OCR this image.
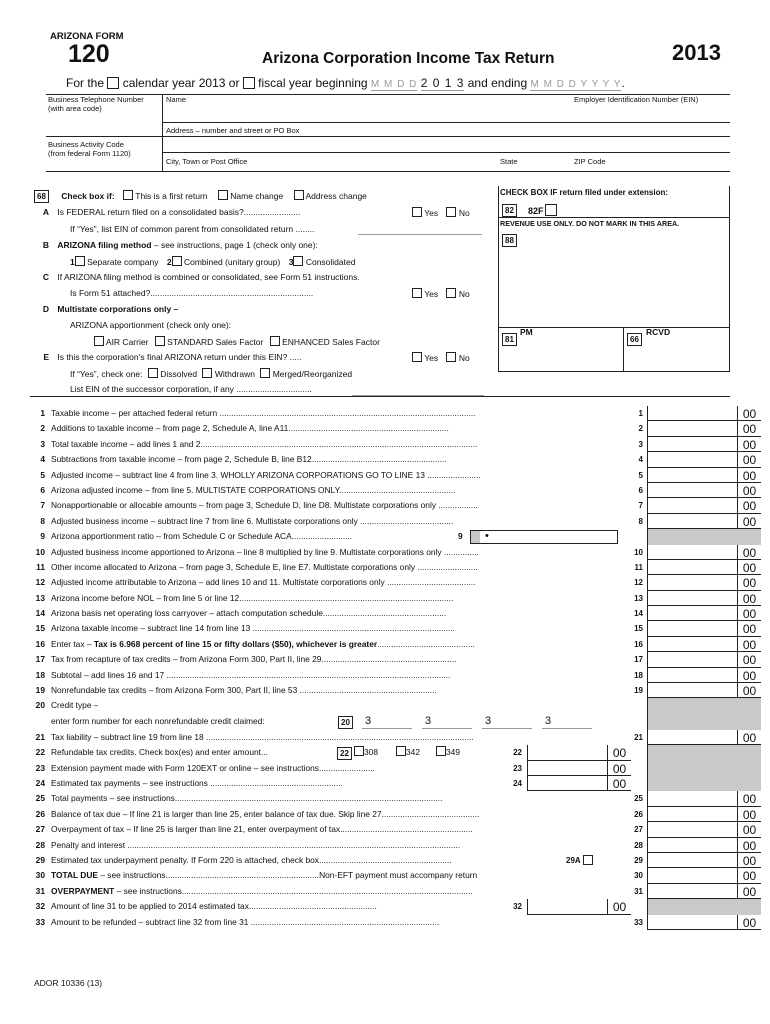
ARIZONA FORM
120	Arizona Corporation Income Tax Return	2013
For the calendar year 2013 or fiscal year beginning M M D D 2 0 1 3 and ending M M D D Y Y Y Y.
Business Telephone Number
(with area code)
Name	Employer Identification Number (EIN)
Address – number and street or PO Box
Business Activity Code
(from federal Form 1120)
City, Town or Post Office	State	ZIP Code
68 Check box if: This is a first return	Name change	Address change
A Is FEDERAL return filed on a consolidated basis?........................	Yes No
If “Yes”, list EIN of common parent from consolidated return ........
B ARIZONA filing method – see instructions, page 1 (check only one):
1 Separate company 2 Combined (unitary group) 3 Consolidated
C If ARIZONA filing method is combined or consolidated, see Form 51 instructions.
Is Form 51 attached?.....................................................................	Yes No
D Multistate corporations only –
ARIZONA apportionment (check only one):
AIR Carrier STANDARD Sales Factor ENHANCED Sales Factor
E Is this the corporation’s final ARIZONA return under this EIN? .....	Yes No
If “Yes”, check one: Dissolved Withdrawn Merged/Reorganized
List EIN of the successor corporation, if any ................................
CHECK BOX IF return filed under extension:
82	82F
REVENUE USE ONLY. DO NOT MARK IN THIS AREA.
88
81
PM
66
RCVD
1 Taxable income – per attached federal return ..............................................................................................................	1	00
2 Additions to taxable income – from page 2, Schedule A, line A11.....................................................................	2	00
3 Total taxable income – add lines 1 and 2.......................................................................................................................	3	00
4 Subtractions from taxable income – from page 2, Schedule B, line B12..........................................................	4	00
5 Adjusted income – subtract line 4 from line 3. WHOLLY ARIZONA CORPORATIONS GO TO LINE 13 .......................	5	00
6 Arizona adjusted income – from line 5. MULTISTATE CORPORATIONS ONLY..................................................	6	00
7 Nonapportionable or allocable amounts – from page 3, Schedule D, line D8. Multistate corporations only .................	7	00
8 Adjusted business income – subtract line 7 from line 6. Multistate corporations only ........................................	8	00
9 Arizona apportionment ratio – from Schedule C or Schedule ACA..........................	9 •
10 Adjusted business income apportioned to Arizona – line 8 multiplied by line 9. Multistate corporations only ...............	10	00
11 Other income allocated to Arizona – from page 3, Schedule E, line E7. Multistate corporations only ..........................	11	00
12 Adjusted income attributable to Arizona – add lines 10 and 11. Multistate corporations only ......................................	12	00
13 Arizona income before NOL – from line 5 or line 12............................................................................................	13	00
14 Arizona basis net operating loss carryover – attach computation schedule.....................................................	14	00
15 Arizona taxable income – subtract line 14 from line 13 .......................................................................................	15	00
16 Enter tax – Tax is 6.968 percent of line 15 or fifty dollars ($50), whichever is greater..........................................	16	00
17 Tax from recapture of tax credits – from Arizona Form 300, Part II, line 29..........................................................	17	00
18 Subtotal – add lines 16 and 17 ..........................................................................................................................	18	00
19 Nonrefundable tax credits – from Arizona Form 300, Part II, line 53 ...........................................................	19	00
20 Credit type –
enter form number for each nonrefundable credit claimed:	20 3	3	3	3
21 Tax liability – subtract line 19 from line 18 ...................................................................................................................	21	00
22 Refundable tax credits. Check box(es) and enter amount...	22	308	342	349	22	00
23 Extension payment made with Form 120EXT or online – see instructions........................	23	00
24 Estimated tax payments – see instructions .........................................................	24	00
25 Total payments – see instructions...................................................................................................................	25	00
26 Balance of tax due – If line 21 is larger than line 25, enter balance of tax due. Skip line 27..........................................	26	00
27 Overpayment of tax – If line 25 is larger than line 21, enter overpayment of tax.........................................................	27	00
28 Penalty and interest ...............................................................................................................................................	28	00
29 Estimated tax underpayment penalty. If Form 220 is attached, check box.........................................................	29A	29	00
30 TOTAL DUE – see instructions..................................................................Non-EFT payment must accompany return	30	00
31 OVERPAYMENT – see instructions.............................................................................................................................	31	00
32 Amount of line 31 to be applied to 2014 estimated tax.......................................................	32	00
33 Amount to be refunded – subtract line 32 from line 31 .................................................................................	33	00
ADOR 10336 (13)
